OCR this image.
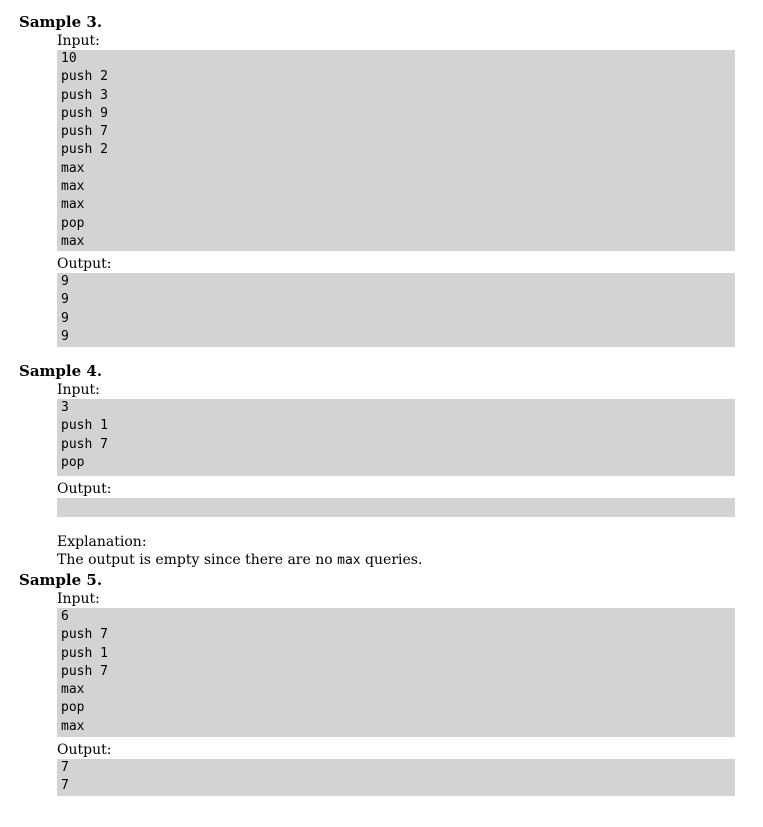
Sample 3.
Input:
10
push 2
push 3
push 9
push 7
push 2
max
max
max
pop
max
Output:
9
9
9
9
Sample 4.
Input:
3
push 1
push 7
pop
Output:
Explanation:
The output is empty since there are no max queries.
Sample 5.
Input:
6
push 7
push 1
push 7
max
pop
max
Output:
7
7
